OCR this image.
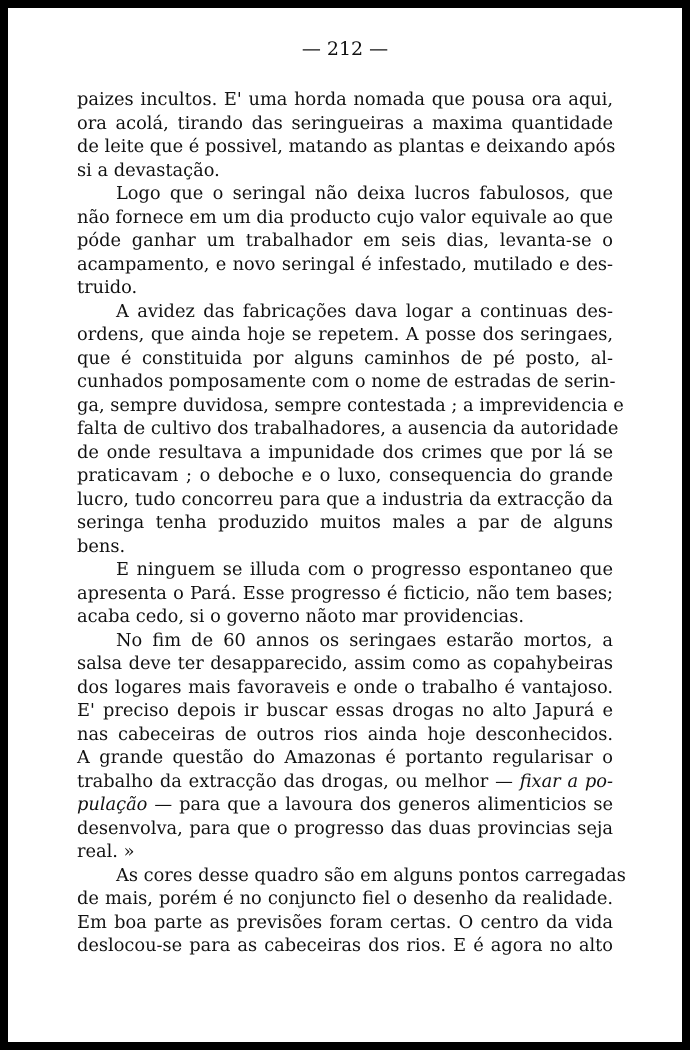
— 212 —
paizes incultos. E' uma horda nomada que pousa ora aqui,
ora acolá, tirando das seringueiras a maxima quantidade
de leite que é possivel, matando as plantas e deixando após
si a devastação.
Logo que o seringal não deixa lucros fabulosos, que
não fornece em um dia producto cujo valor equivale ao que
póde ganhar um trabalhador em seis dias, levanta-se o
acampamento, e novo seringal é infestado, mutilado e des-
truido.
A avidez das fabricações dava logar a continuas des-
ordens, que ainda hoje se repetem. A posse dos seringaes,
que é constituida por alguns caminhos de pé posto, al-
cunhados pomposamente com o nome de estradas de serin-
ga, sempre duvidosa, sempre contestada ; a imprevidencia e
falta de cultivo dos trabalhadores, a ausencia da autoridade
de onde resultava a impunidade dos crimes que por lá se
praticavam ; o deboche e o luxo, consequencia do grande
lucro, tudo concorreu para que a industria da extracção da
seringa tenha produzido muitos males a par de alguns
bens.
E ninguem se illuda com o progresso espontaneo que
apresenta o Pará. Esse progresso é ficticio, não tem bases;
acaba cedo, si o governo nãoto mar providencias.
No fim de 60 annos os seringaes estarão mortos, a
salsa deve ter desapparecido, assim como as copahybeiras
dos logares mais favoraveis e onde o trabalho é vantajoso.
E' preciso depois ir buscar essas drogas no alto Japurá e
nas cabeceiras de outros rios ainda hoje desconhecidos.
A grande questão do Amazonas é portanto regularisar o
trabalho da extracção das drogas, ou melhor — fixar a po-
pulação — para que a lavoura dos generos alimenticios se
desenvolva, para que o progresso das duas provincias seja
real. »
As cores desse quadro são em alguns pontos carregadas
de mais, porém é no conjuncto fiel o desenho da realidade.
Em boa parte as previsões foram certas. O centro da vida
deslocou-se para as cabeceiras dos rios. E é agora no alto
